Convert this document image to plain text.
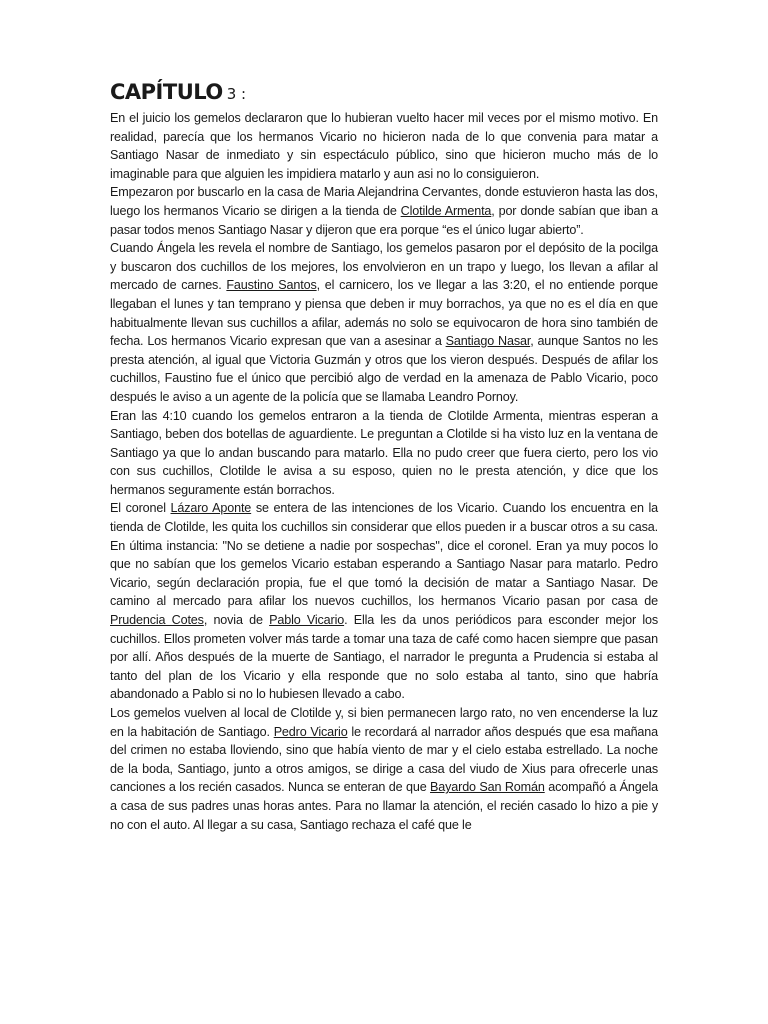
CAPÍTULO 3 :

En el juicio los gemelos declararon que lo hubieran vuelto hacer mil veces por el mismo motivo. En realidad, parecía que los hermanos Vicario no hicieron nada de lo que convenia para matar a Santiago Nasar de inmediato y sin espectáculo público, sino que hicieron mucho más de lo imaginable para que alguien les impidiera matarlo y aun asi no lo consiguieron.

Empezaron por buscarlo en la casa de Maria Alejandrina Cervantes, donde estuvieron hasta las dos, luego los hermanos Vicario se dirigen a la tienda de Clotilde Armenta, por donde sabían que iban a pasar todos menos Santiago Nasar y dijeron que era porque “es el único lugar abierto”.

Cuando Ángela les revela el nombre de Santiago, los gemelos pasaron por el depósito de la pocilga y buscaron dos cuchillos de los mejores, los envolvieron en un trapo y luego, los llevan a afilar al mercado de carnes. Faustino Santos, el carnicero, los ve llegar a las 3:20, el no entiende porque llegaban el lunes y tan temprano y piensa que deben ir muy borrachos, ya que no es el día en que habitualmente llevan sus cuchillos a afilar, además no solo se equivocaron de hora sino también de fecha. Los hermanos Vicario expresan que van a asesinar a Santiago Nasar, aunque Santos no les presta atención, al igual que Victoria Guzmán y otros que los vieron después. Después de afilar los cuchillos, Faustino fue el único que percibió algo de verdad en la amenaza de Pablo Vicario, poco después le aviso a un agente de la policía que se llamaba Leandro Pornoy.

Eran las 4:10 cuando los gemelos entraron a la tienda de Clotilde Armenta, mientras esperan a Santiago, beben dos botellas de aguardiente. Le preguntan a Clotilde si ha visto luz en la ventana de Santiago ya que lo andan buscando para matarlo. Ella no pudo creer que fuera cierto, pero los vio con sus cuchillos, Clotilde le avisa a su esposo, quien no le presta atención, y dice que los hermanos seguramente están borrachos.

El coronel Lázaro Aponte se entera de las intenciones de los Vicario. Cuando los encuentra en la tienda de Clotilde, les quita los cuchillos sin considerar que ellos pueden ir a buscar otros a su casa. En última instancia: "No se detiene a nadie por sospechas", dice el coronel. Eran ya muy pocos lo que no sabían que los gemelos Vicario estaban esperando a Santiago Nasar para matarlo. Pedro Vicario, según declaración propia, fue el que tomó la decisión de matar a Santiago Nasar. De camino al mercado para afilar los nuevos cuchillos, los hermanos Vicario pasan por casa de Prudencia Cotes, novia de Pablo Vicario. Ella les da unos periódicos para esconder mejor los cuchillos. Ellos prometen volver más tarde a tomar una taza de café como hacen siempre que pasan por allí. Años después de la muerte de Santiago, el narrador le pregunta a Prudencia si estaba al tanto del plan de los Vicario y ella responde que no solo estaba al tanto, sino que habría abandonado a Pablo si no lo hubiesen llevado a cabo.

Los gemelos vuelven al local de Clotilde y, si bien permanecen largo rato, no ven encenderse la luz en la habitación de Santiago. Pedro Vicario le recordará al narrador años después que esa mañana del crimen no estaba lloviendo, sino que había viento de mar y el cielo estaba estrellado. La noche de la boda, Santiago, junto a otros amigos, se dirige a casa del viudo de Xius para ofrecerle unas canciones a los recién casados. Nunca se enteran de que Bayardo San Román acompañó a Ángela a casa de sus padres unas horas antes. Para no llamar la atención, el recién casado lo hizo a pie y no con el auto. Al llegar a su casa, Santiago rechaza el café que le
